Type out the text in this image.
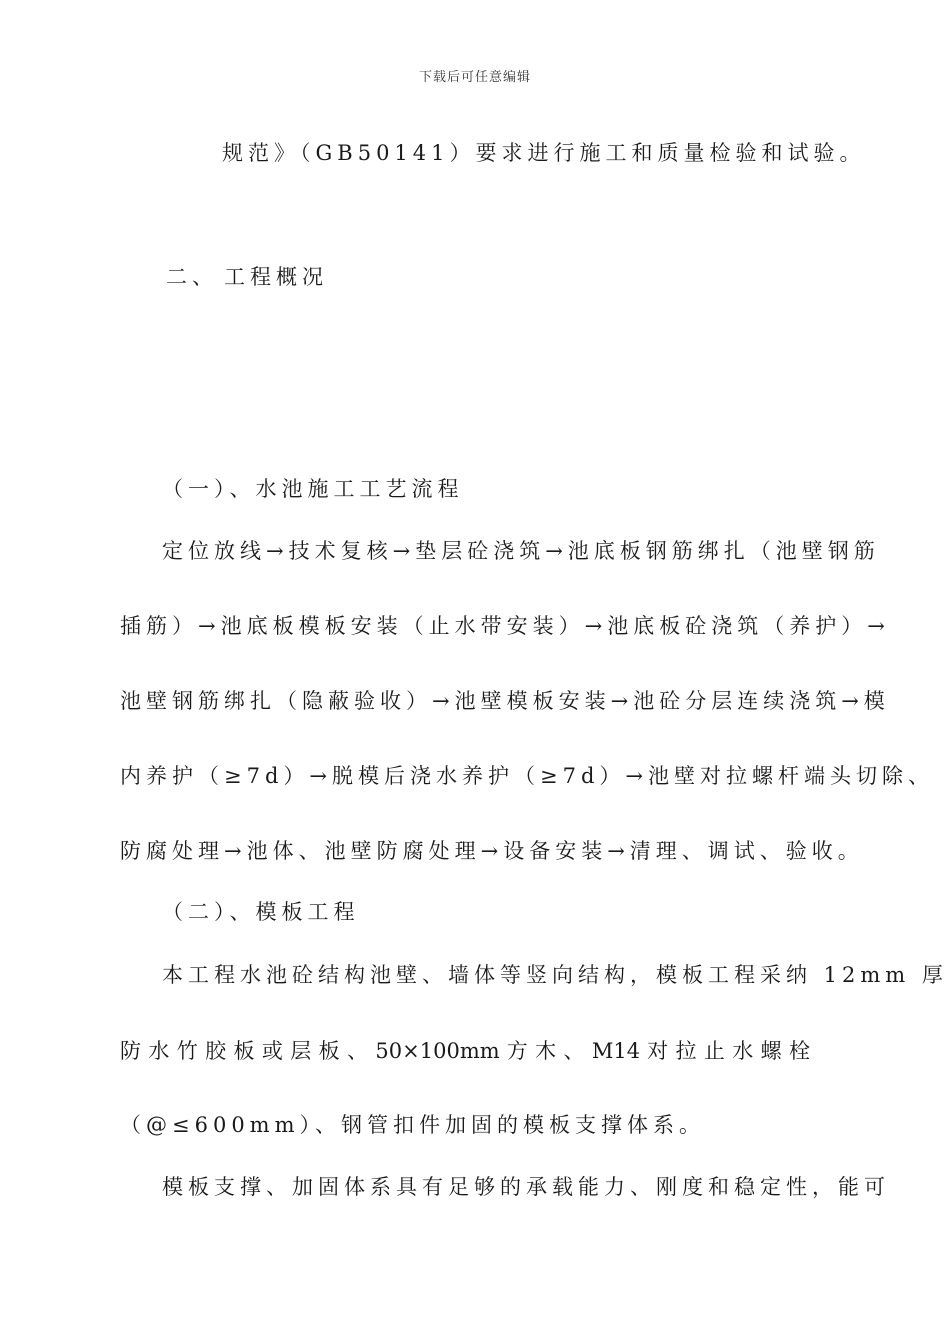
下载后可任意编辑
规范》（GB50141）要求进行施工和质量检验和试验。
二、 工程概况
（一）、水池施工工艺流程
定位放线→技术复核→垫层砼浇筑→池底板钢筋绑扎（池壁钢筋
插筋）→池底板模板安装（止水带安装）→池底板砼浇筑（养护）→
池壁钢筋绑扎（隐蔽验收）→池壁模板安装→池砼分层连续浇筑→模
内养护（≥7d）→脱模后浇水养护（≥7d）→池壁对拉螺杆端头切除、
防腐处理→池体、池壁防腐处理→设备安装→清理、调试、验收。
（二）、模板工程
本工程水池砼结构池壁、墙体等竖向结构，模板工程采纳 12mm 厚
防 水 竹 胶 板 或 层 板 、 50×100mm 方 木 、 M14 对 拉 止 水 螺 栓
（@≤600mm）、钢管扣件加固的模板支撑体系。
模板支撑、加固体系具有足够的承载能力、刚度和稳定性，能可
